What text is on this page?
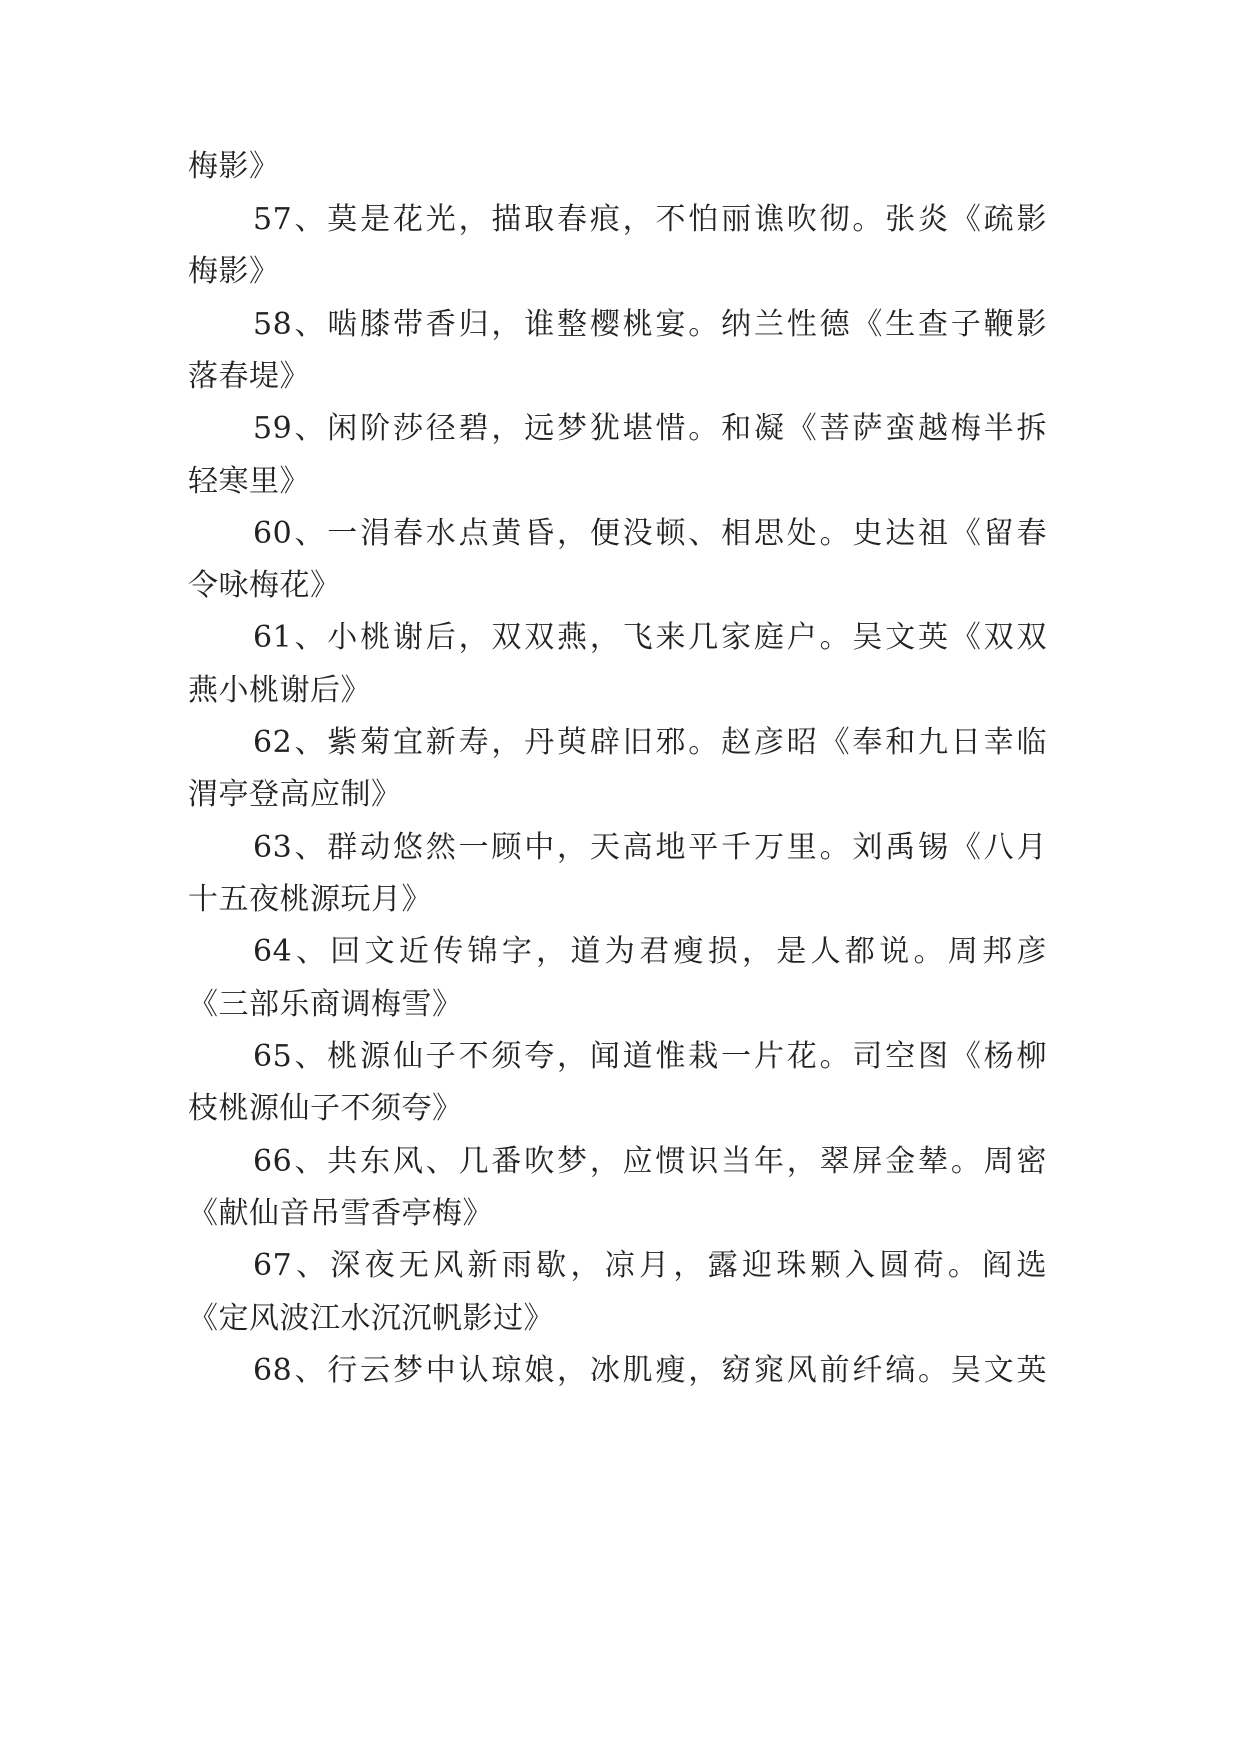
梅影》
57、莫是花光，描取春痕，不怕丽谯吹彻。张炎《疏影
梅影》
58、啮膝带香归，谁整樱桃宴。纳兰性德《生查子鞭影
落春堤》
59、闲阶莎径碧，远梦犹堪惜。和凝《菩萨蛮越梅半拆
轻寒里》
60、一涓春水点黄昏，便没顿、相思处。史达祖《留春
令咏梅花》
61、小桃谢后，双双燕，飞来几家庭户。吴文英《双双
燕小桃谢后》
62、紫菊宜新寿，丹萸辟旧邪。赵彦昭《奉和九日幸临
渭亭登高应制》
63、群动悠然一顾中，天高地平千万里。刘禹锡《八月
十五夜桃源玩月》
64、回文近传锦字，道为君瘦损，是人都说。周邦彦
《三部乐商调梅雪》
65、桃源仙子不须夸，闻道惟栽一片花。司空图《杨柳
枝桃源仙子不须夸》
66、共东风、几番吹梦，应惯识当年，翠屏金辇。周密
《献仙音吊雪香亭梅》
67、深夜无风新雨歇，凉月，露迎珠颗入圆荷。阎选
《定风波江水沉沉帆影过》
68、行云梦中认琼娘，冰肌瘦，窈窕风前纤缟。吴文英
